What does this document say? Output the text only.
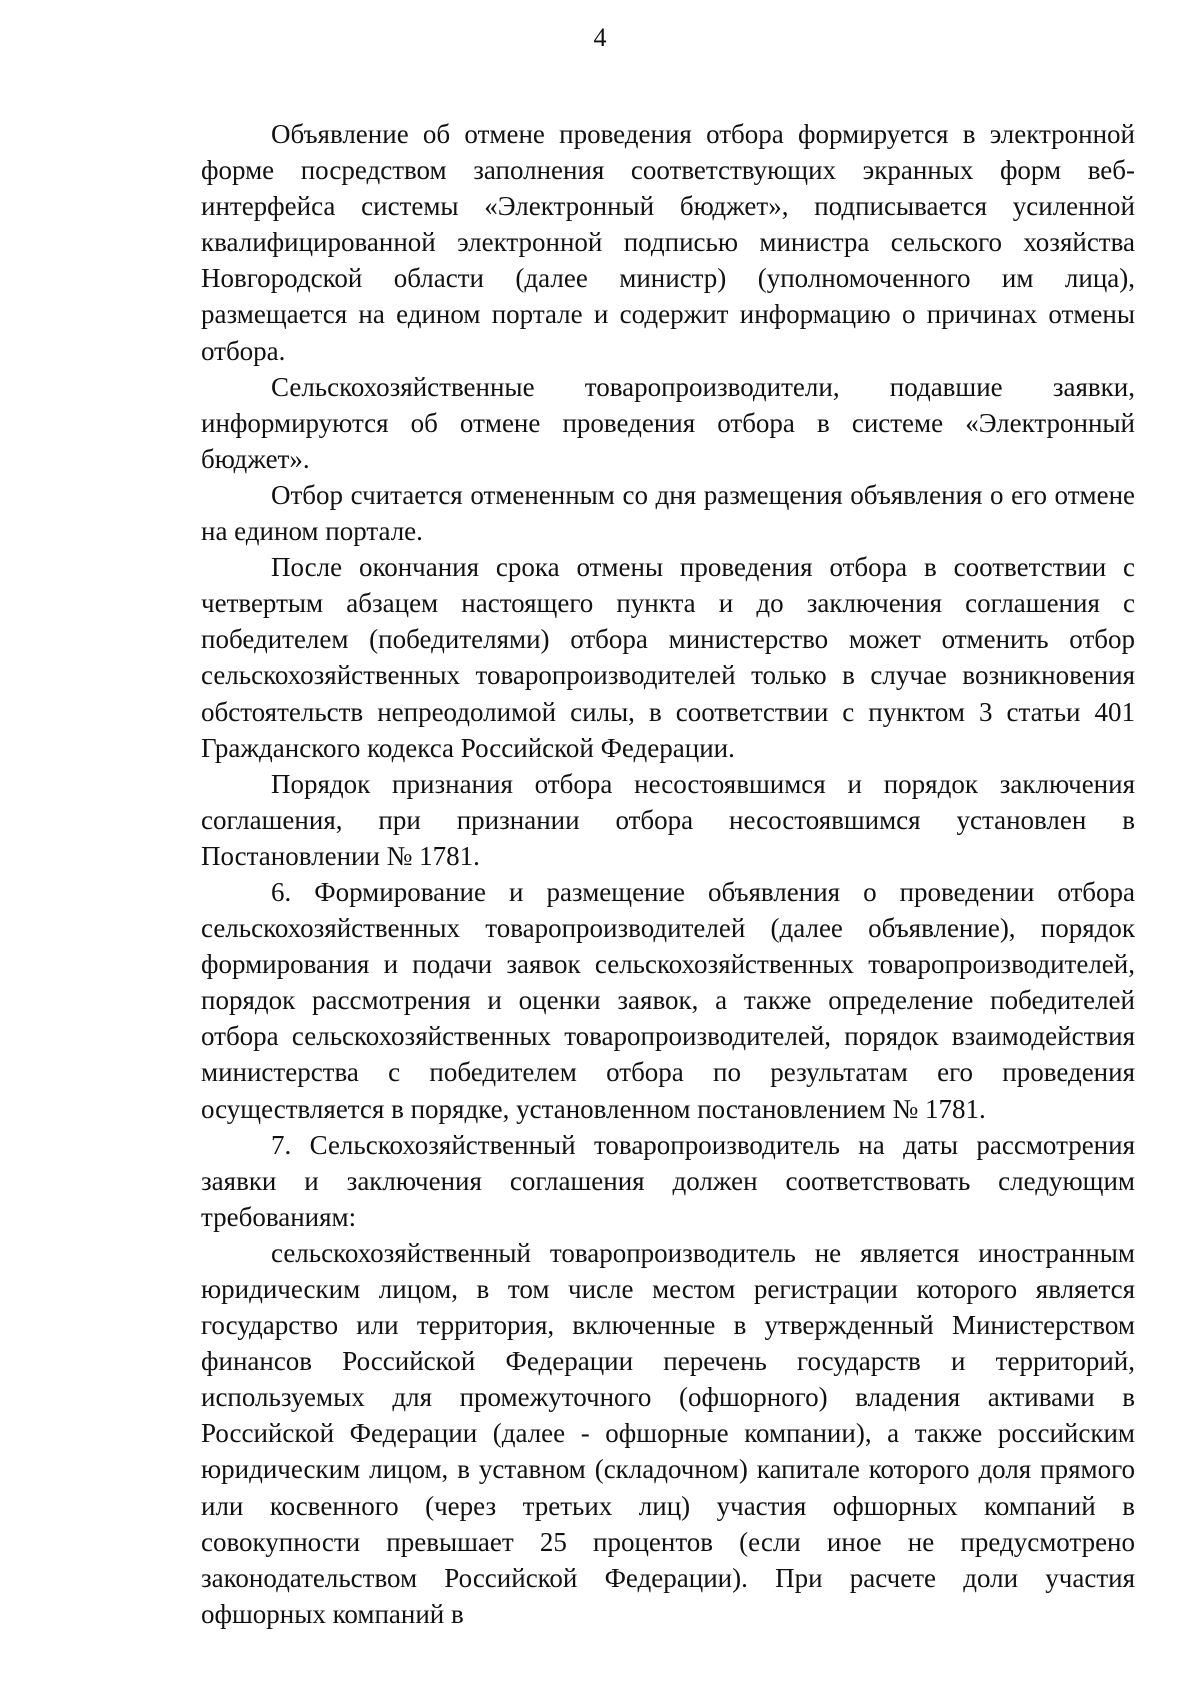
4

Объявление об отмене проведения отбора формируется в электронной форме посредством заполнения соответствующих экранных форм веб-интерфейса системы «Электронный бюджет», подписывается усиленной квалифицированной электронной подписью министра сельского хозяйства Новгородской области (далее министр) (уполномоченного им лица), размещается на едином портале и содержит информацию о причинах отмены отбора.

Сельскохозяйственные товаропроизводители, подавшие заявки, информируются об отмене проведения отбора в системе «Электронный бюджет».

Отбор считается отмененным со дня размещения объявления о его отмене на едином портале.

После окончания срока отмены проведения отбора в соответствии с четвертым абзацем настоящего пункта и до заключения соглашения с победителем (победителями) отбора министерство может отменить отбор сельскохозяйственных товаропроизводителей только в случае возникновения обстоятельств непреодолимой силы, в соответствии с пунктом 3 статьи 401 Гражданского кодекса Российской Федерации.

Порядок признания отбора несостоявшимся и порядок заключения соглашения, при признании отбора несостоявшимся установлен в Постановлении № 1781.

6. Формирование и размещение объявления о проведении отбора сельскохозяйственных товаропроизводителей (далее объявление), порядок формирования и подачи заявок сельскохозяйственных товаропроизводителей, порядок рассмотрения и оценки заявок, а также определение победителей отбора сельскохозяйственных товаропроизводителей, порядок взаимодействия министерства с победителем отбора по результатам его проведения осуществляется в порядке, установленном постановлением № 1781.

7. Сельскохозяйственный товаропроизводитель на даты рассмотрения заявки и заключения соглашения должен соответствовать следующим требованиям:

сельскохозяйственный товаропроизводитель не является иностранным юридическим лицом, в том числе местом регистрации которого является государство или территория, включенные в утвержденный Министерством финансов Российской Федерации перечень государств и территорий, используемых для промежуточного (офшорного) владения активами в Российской Федерации (далее - офшорные компании), а также российским юридическим лицом, в уставном (складочном) капитале которого доля прямого или косвенного (через третьих лиц) участия офшорных компаний в совокупности превышает 25 процентов (если иное не предусмотрено законодательством Российской Федерации). При расчете доли участия офшорных компаний в
